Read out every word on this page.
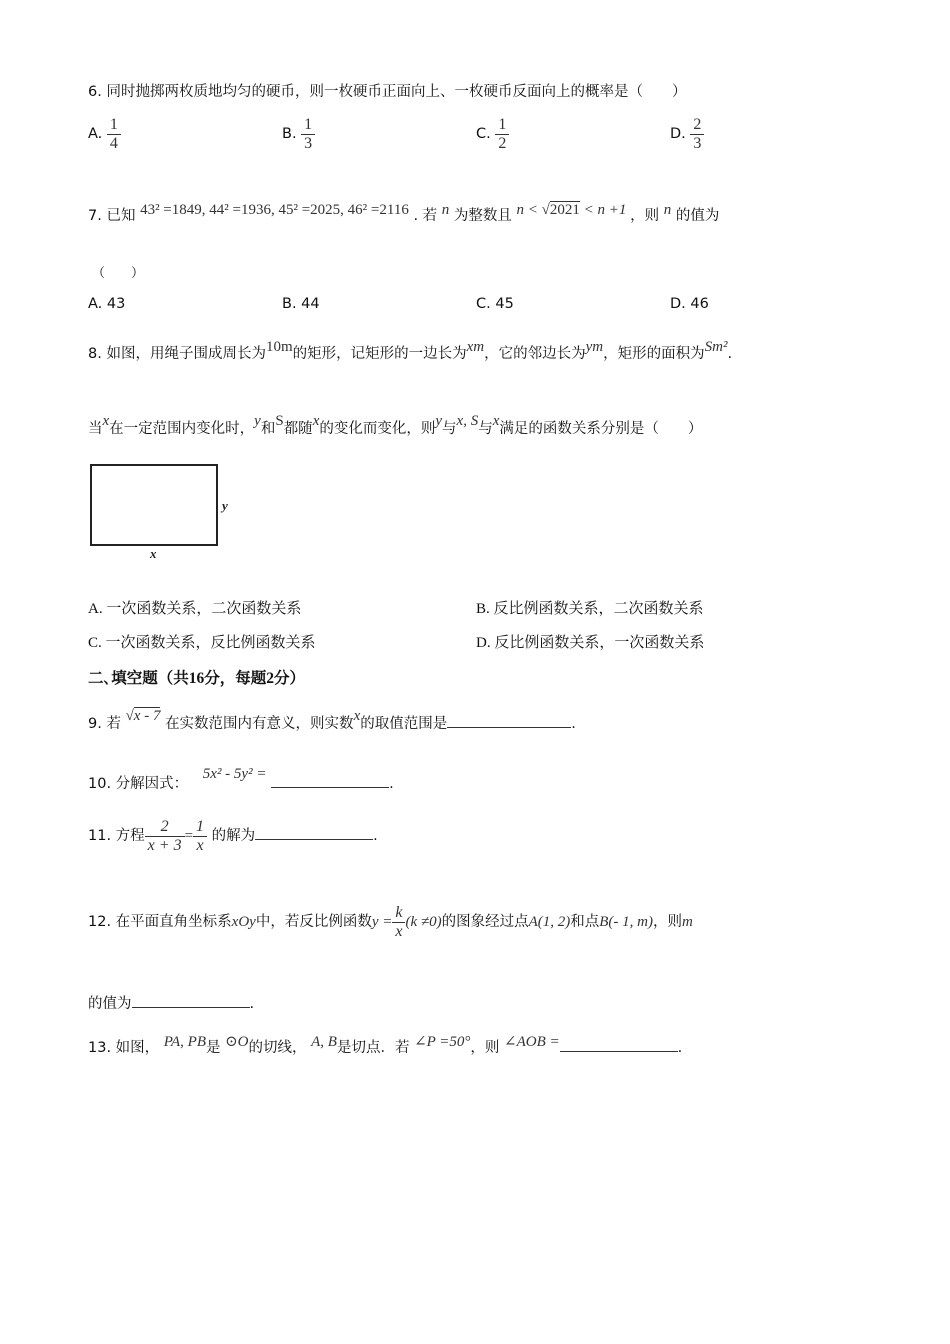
6. 同时抛掷两枚质地均匀的硬币，则一枚硬币正面向上、一枚硬币反面向上的概率是（　　）
A. $\frac{1}{4}$	B. $\frac{1}{3}$	C. $\frac{1}{2}$	D. $\frac{2}{3}$
7. 已知 43² =1849, 44² =1936, 45² =2025, 46² =2116 . 若 n 为整数且 n < √2021 < n +1 ，则 n 的值为
（　　）
A. 43	B. 44	C. 45	D. 46
8. 如图，用绳子围成周长为10m的矩形，记矩形的一边长为xm，它的邻边长为ym，矩形的面积为Sm².
当x在一定范围内变化时，y和S都随x的变化而变化，则y与x, S与x满足的函数关系分别是（　　）
y
x
A. 一次函数关系，二次函数关系	B. 反比例函数关系，二次函数关系
C. 一次函数关系，反比例函数关系	D. 反比例函数关系，一次函数关系
二､填空题（共16分，每题2分）
9. 若 √x - 7 在实数范围内有意义，则实数x的取值范围是	.
10. 分解因式： 5x² - 5y² = .
11. 方程 $\frac{2}{x + 3} = \frac{1}{x}$ 的解为	.
12. 在平面直角坐标系xOy中，若反比例函数$y = \frac{k}{x} (k \ne 0)$的图象经过点A(1, 2)和点B(- 1, m)，则m
的值为	.
13. 如图， PA, PB是 ⊙O的切线， A, B是切点．若 ∠P =50°，则 ∠AOB =	.
